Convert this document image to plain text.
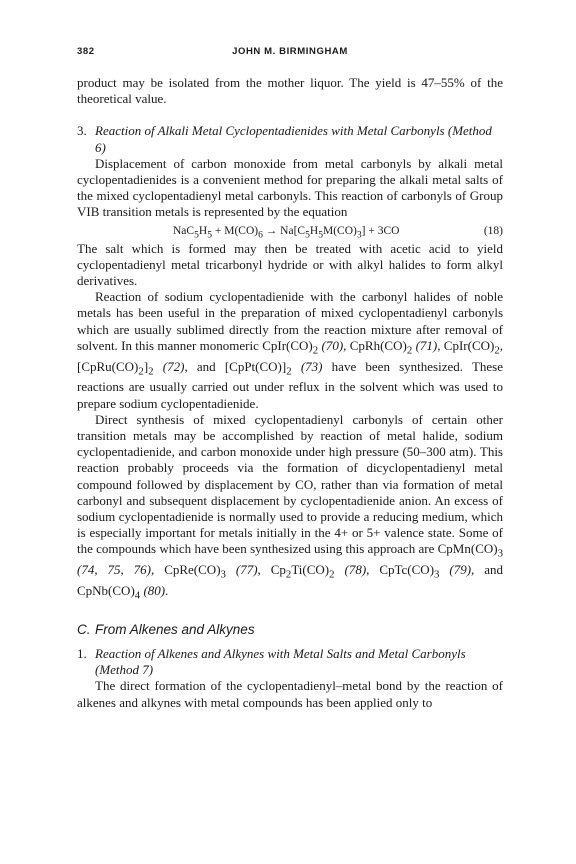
382	JOHN M. BIRMINGHAM

product may be isolated from the mother liquor. The yield is 47–55% of the theoretical value.

3. Reaction of Alkali Metal Cyclopentadienides with Metal Carbonyls (Method 6)

Displacement of carbon monoxide from metal carbonyls by alkali metal cyclopentadienides is a convenient method for preparing the alkali metal salts of the mixed cyclopentadienyl metal carbonyls. This reaction of carbonyls of Group VIB transition metals is represented by the equation

$NaC_5H_5 + M(CO)_6 \to Na[C_5H_5M(CO)_3] + 3CO$	(18)

The salt which is formed may then be treated with acetic acid to yield cyclopentadienyl metal tricarbonyl hydride or with alkyl halides to form alkyl derivatives.

Reaction of sodium cyclopentadienide with the carbonyl halides of noble metals has been useful in the preparation of mixed cyclopentadienyl carbonyls which are usually sublimed directly from the reaction mixture after removal of solvent. In this manner monomeric $CpIr(CO)_2$ (70), $CpRh(CO)_2$ (71), $CpIr(CO)_2$, $[CpRu(CO)_2]_2$ (72), and $[CpPt(CO)]_2$ (73) have been synthesized. These reactions are usually carried out under reflux in the solvent which was used to prepare sodium cyclopentadienide.

Direct synthesis of mixed cyclopentadienyl carbonyls of certain other transition metals may be accomplished by reaction of metal halide, sodium cyclopentadienide, and carbon monoxide under high pressure (50–300 atm). This reaction probably proceeds via the formation of dicyclopentadienyl metal compound followed by displacement by CO, rather than via formation of metal carbonyl and subsequent displacement by cyclopentadienide anion. An excess of sodium cyclopentadienide is normally used to provide a reducing medium, which is especially important for metals initially in the 4+ or 5+ valence state. Some of the compounds which have been synthesized using this approach are $CpMn(CO)_3$ (74, 75, 76), $CpRe(CO)_3$ (77), $Cp_2Ti(CO)_2$ (78), $CpTc(CO)_3$ (79), and $CpNb(CO)_4$ (80).

C. From Alkenes and Alkynes
1. Reaction of Alkenes and Alkynes with Metal Salts and Metal Carbonyls (Method 7)

The direct formation of the cyclopentadienyl–metal bond by the reaction of alkenes and alkynes with metal compounds has been applied only to
